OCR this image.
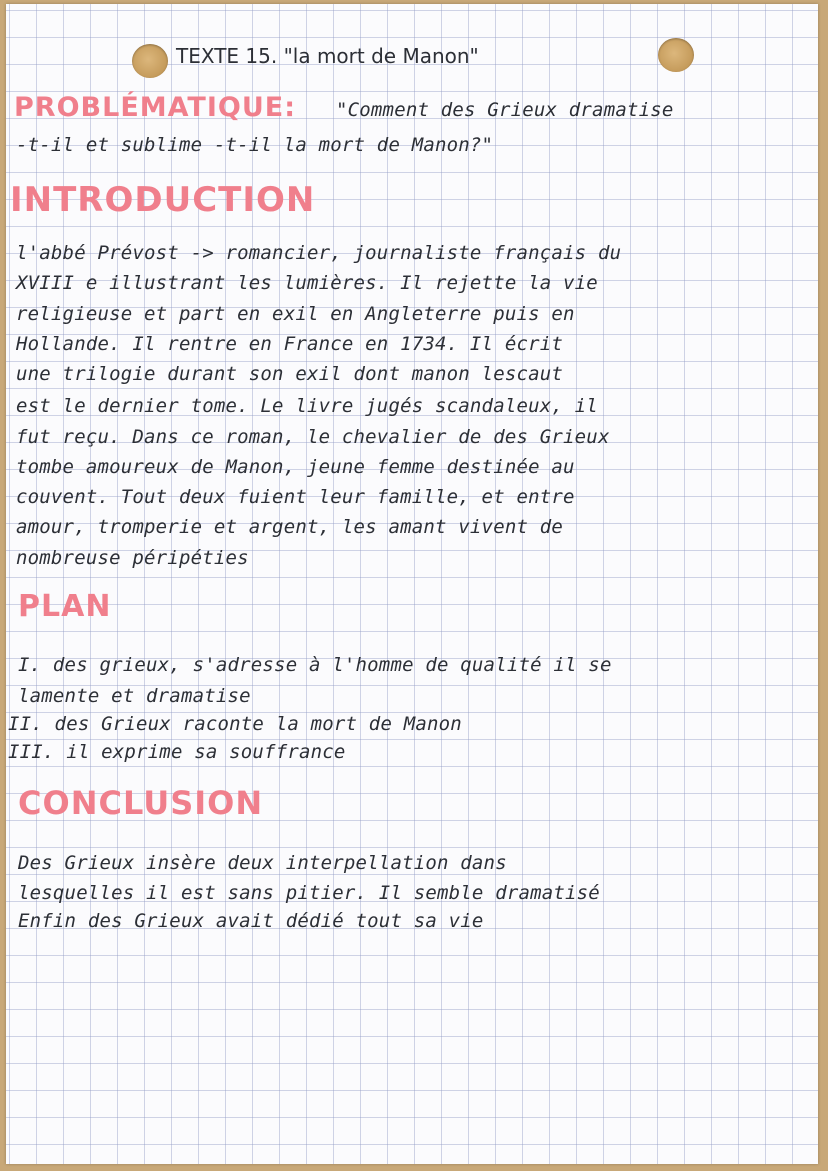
TEXTE 15. "la mort de Manon"

PROBLÉMATIQUE: "Comment des Grieux dramatise

-t-il et sublime -t-il la mort de Manon?"

INTRODUCTION

l'abbé Prévost -> romancier, journaliste français du

XVIII e illustrant les lumières. Il rejette la vie

religieuse et part en exil en Angleterre puis en

Hollande. Il rentre en France en 1734. Il écrit

une trilogie durant son exil dont manon lescaut

est le dernier tome. Le livre jugés scandaleux, il

fut reçu. Dans ce roman, le chevalier de des Grieux

tombe amoureux de Manon, jeune femme destinée au

couvent. Tout deux fuient leur famille, et entre

amour, tromperie et argent, les amant vivent de

nombreuse péripéties

PLAN

I. des grieux, s'adresse à l'homme de qualité il se

lamente et dramatise

II. des Grieux raconte la mort de Manon

III. il exprime sa souffrance

CONCLUSION

Des Grieux insère deux interpellation dans

lesquelles il est sans pitier. Il semble dramatisé

Enfin des Grieux avait dédié tout sa vie
